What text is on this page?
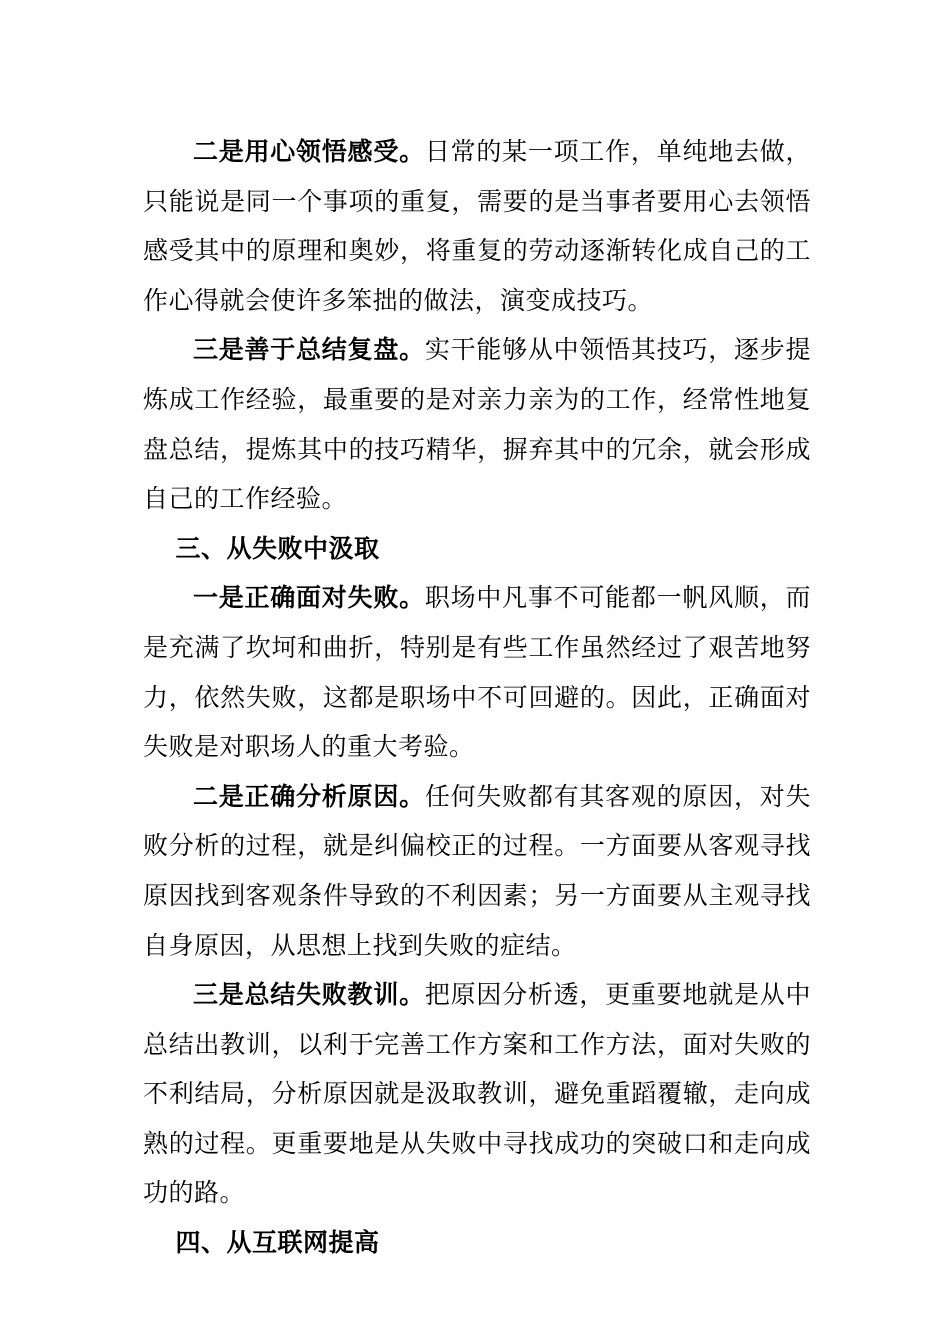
二是用心领悟感受。日常的某一项工作，单纯地去做，只能说是同一个事项的重复，需要的是当事者要用心去领悟感受其中的原理和奥妙，将重复的劳动逐渐转化成自己的工作心得就会使许多笨拙的做法，演变成技巧。

三是善于总结复盘。实干能够从中领悟其技巧，逐步提炼成工作经验，最重要的是对亲力亲为的工作，经常性地复盘总结，提炼其中的技巧精华，摒弃其中的冗余，就会形成自己的工作经验。

三、从失败中汲取

一是正确面对失败。职场中凡事不可能都一帆风顺，而是充满了坎坷和曲折，特别是有些工作虽然经过了艰苦地努力，依然失败，这都是职场中不可回避的。因此，正确面对失败是对职场人的重大考验。

二是正确分析原因。任何失败都有其客观的原因，对失败分析的过程，就是纠偏校正的过程。一方面要从客观寻找原因找到客观条件导致的不利因素；另一方面要从主观寻找自身原因，从思想上找到失败的症结。

三是总结失败教训。把原因分析透，更重要地就是从中总结出教训，以利于完善工作方案和工作方法，面对失败的不利结局，分析原因就是汲取教训，避免重蹈覆辙，走向成熟的过程。更重要地是从失败中寻找成功的突破口和走向成功的路。

四、从互联网提高
